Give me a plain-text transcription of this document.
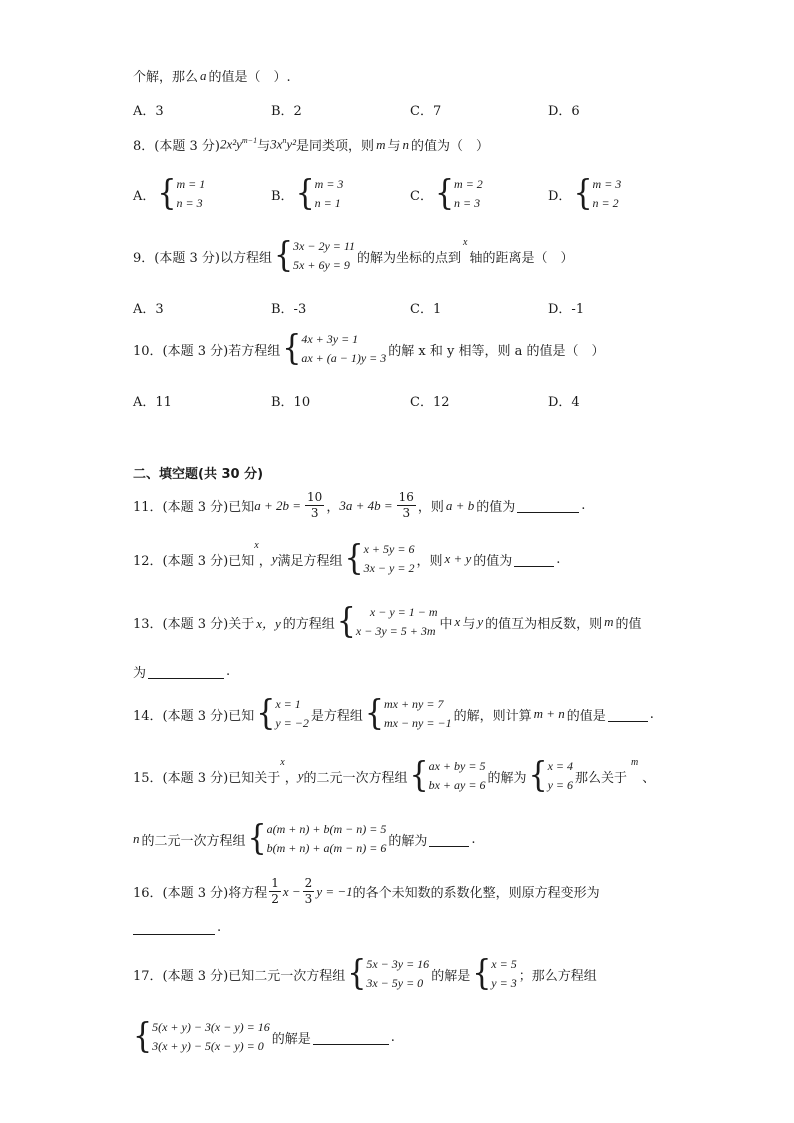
个解，那么 a 的值是（　）.
A．3	B．2	C．7	D．6
8．(本题 3 分) $2x^2y^{m-1}$ 与 $3x^ny^2$ 是同类项，则 m 与 n 的值为（　）
A． { m = 1
n = 3	B． { m = 3
n = 1	C． { m = 2
n = 3	D． { m = 3
n = 2
9．(本题 3 分)以方程组 { 3x − 2y = 11
5x + 6y = 9 的解为坐标的点到
x
轴的距离是（　）
A．3	B．-3	C．1	D．-1
10．(本题 3 分)若方程组 { 4x + 3y = 1
ax + (a − 1)y = 3 的解 x 和 y 相等，则 a 的值是（　）
A．11	B．10	C．12	D．4
二、填空题(共 30 分)
11．(本题 3 分)已知 $a + 2b = \frac{10}{3}$ ， $3a + 4b = \frac{16}{3}$ ，则 a + b 的值为	.
12．(本题 3 分)已知
x
， y 满足方程组 { x + 5y = 6
3x − y = 2 ，则 x + y 的值为	.
13．(本题 3 分)关于 x，y 的方程组 {	x − y = 1 − m
x − 3y = 5 + 3m 中 x 与 y 的值互为相反数，则 m 的值
为	.
14．(本题 3 分)已知 { x = 1
y = −2 是方程组 { mx + ny = 7
mx − ny = −1 的解，则计算 m + n 的值是	.
15．(本题 3 分)已知关于
x
， y 的二元一次方程组 { ax + by = 5
bx + ay = 6 的解为 { x = 4
y = 6 那么关于
m
、
n 的二元一次方程组 { a(m + n) + b(m − n) = 5
b(m + n) + a(m − n) = 6 的解为	.
16．(本题 3 分)将方程 $\frac{1}{2}$ $x - \frac{2}{3}$ y = −1 的各个未知数的系数化整，则原方程变形为
.
17．(本题 3 分)已知二元一次方程组 { 5x − 3y = 16
3x − 5y = 0 的解是 { x = 5
y = 3 ；那么方程组
{ 5(x + y) − 3(x − y) = 16
3(x + y) − 5(x − y) = 0 的解是	.
